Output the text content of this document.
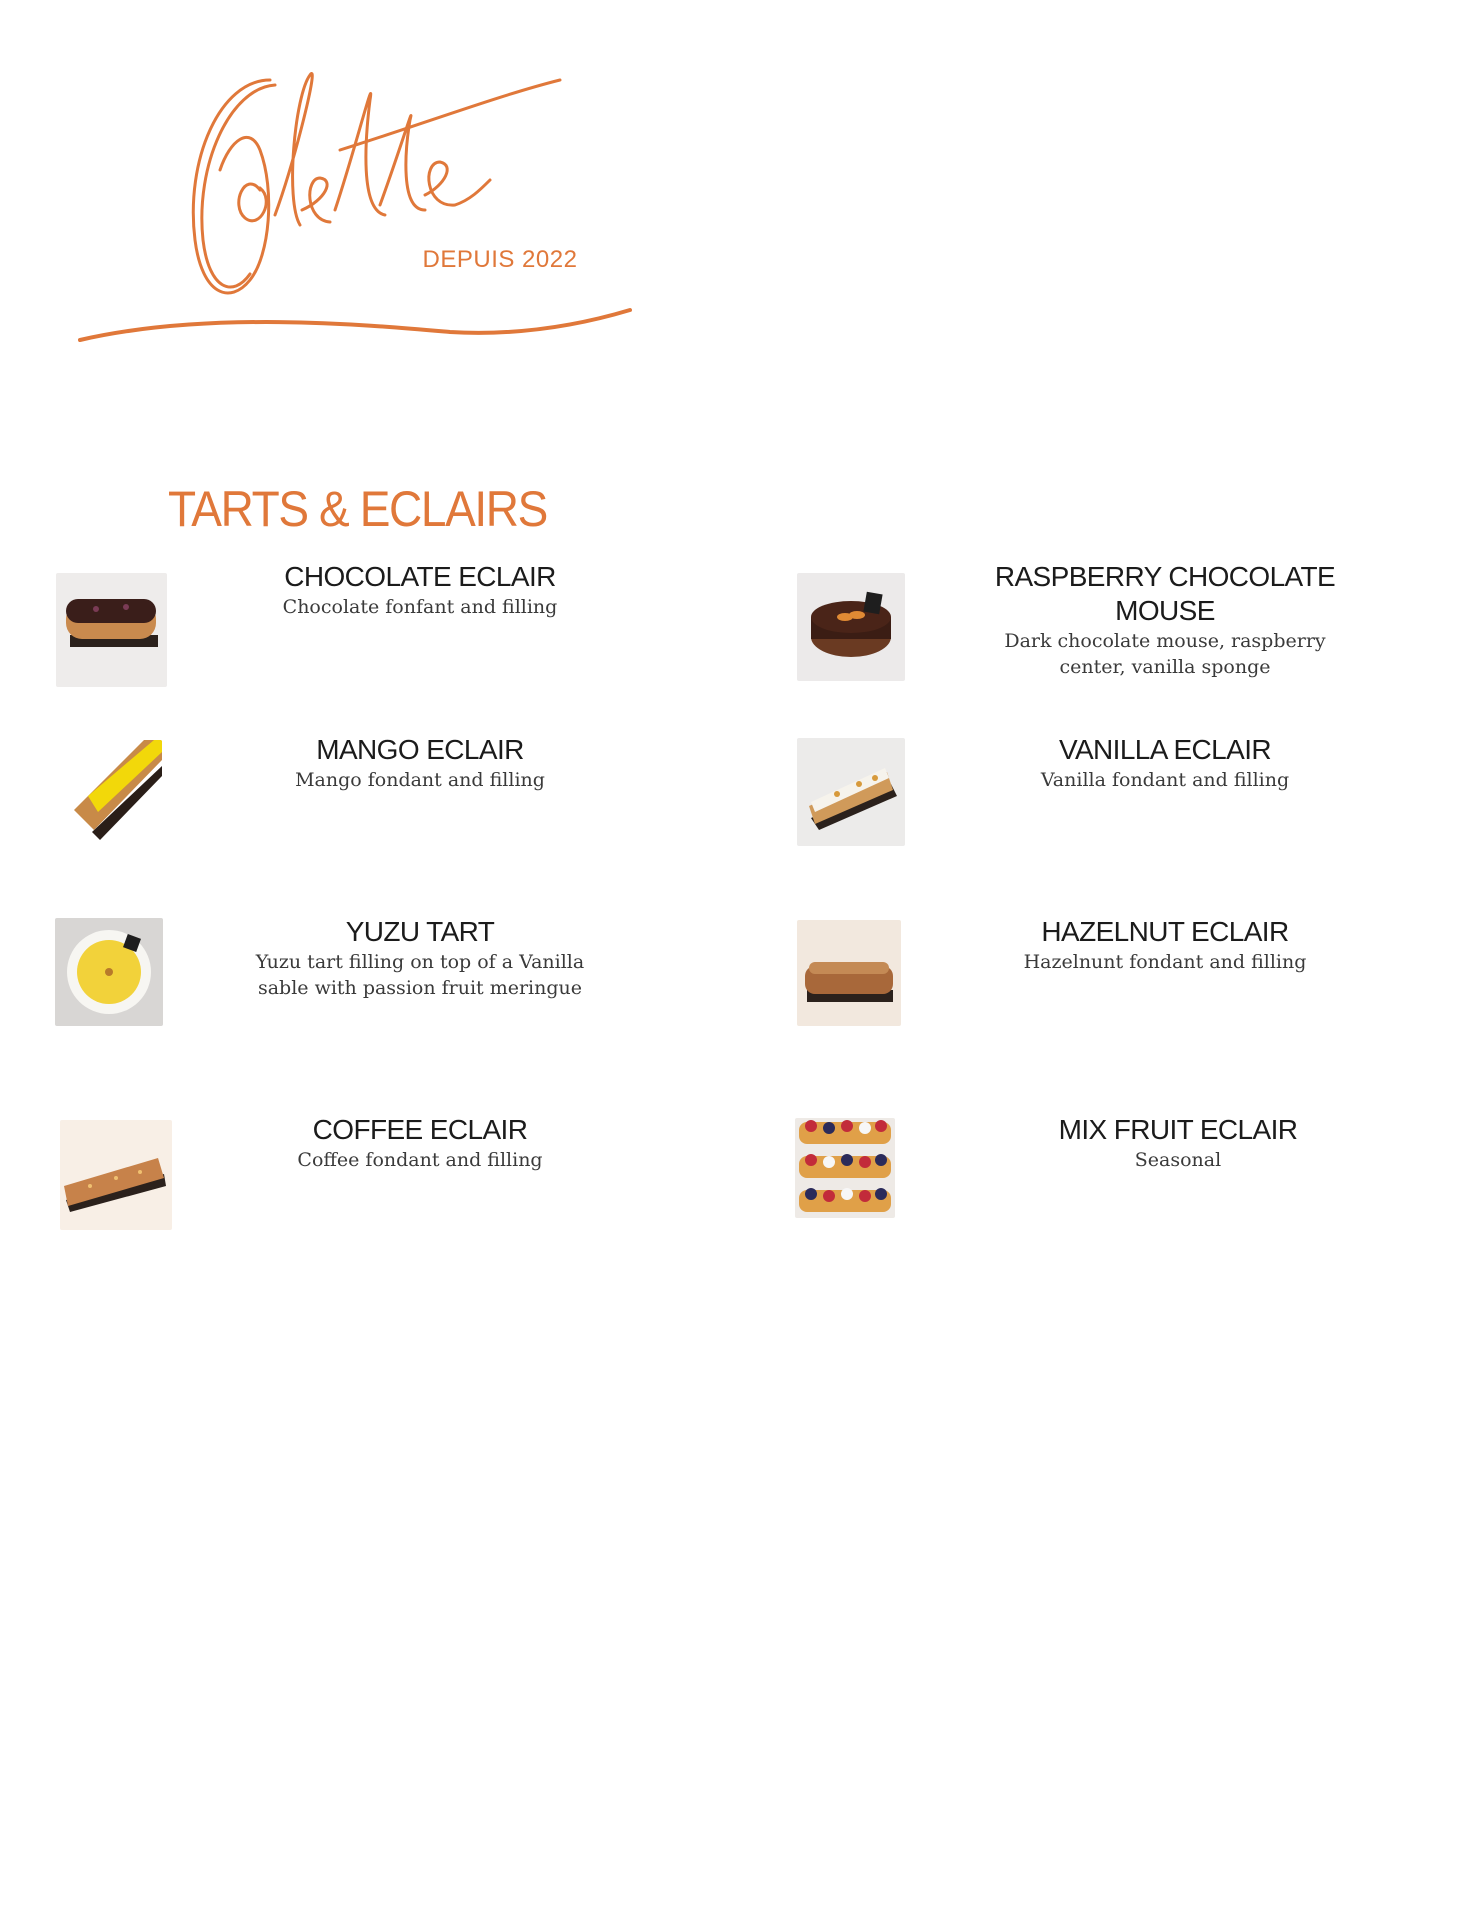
DEPUIS 2022
TARTS & ECLAIRS
CHOCOLATE ECLAIR
Chocolate fonfant and filling
RASPBERRY CHOCOLATE MOUSE
Dark chocolate mouse, raspberry center, vanilla sponge
MANGO ECLAIR
Mango fondant and filling
VANILLA ECLAIR
Vanilla fondant and filling
YUZU TART
Yuzu tart filling on top of a Vanilla sable with passion fruit meringue
HAZELNUT ECLAIR
Hazelnunt fondant and filling
COFFEE ECLAIR
Coffee fondant and filling
MIX FRUIT ECLAIR
Seasonal
